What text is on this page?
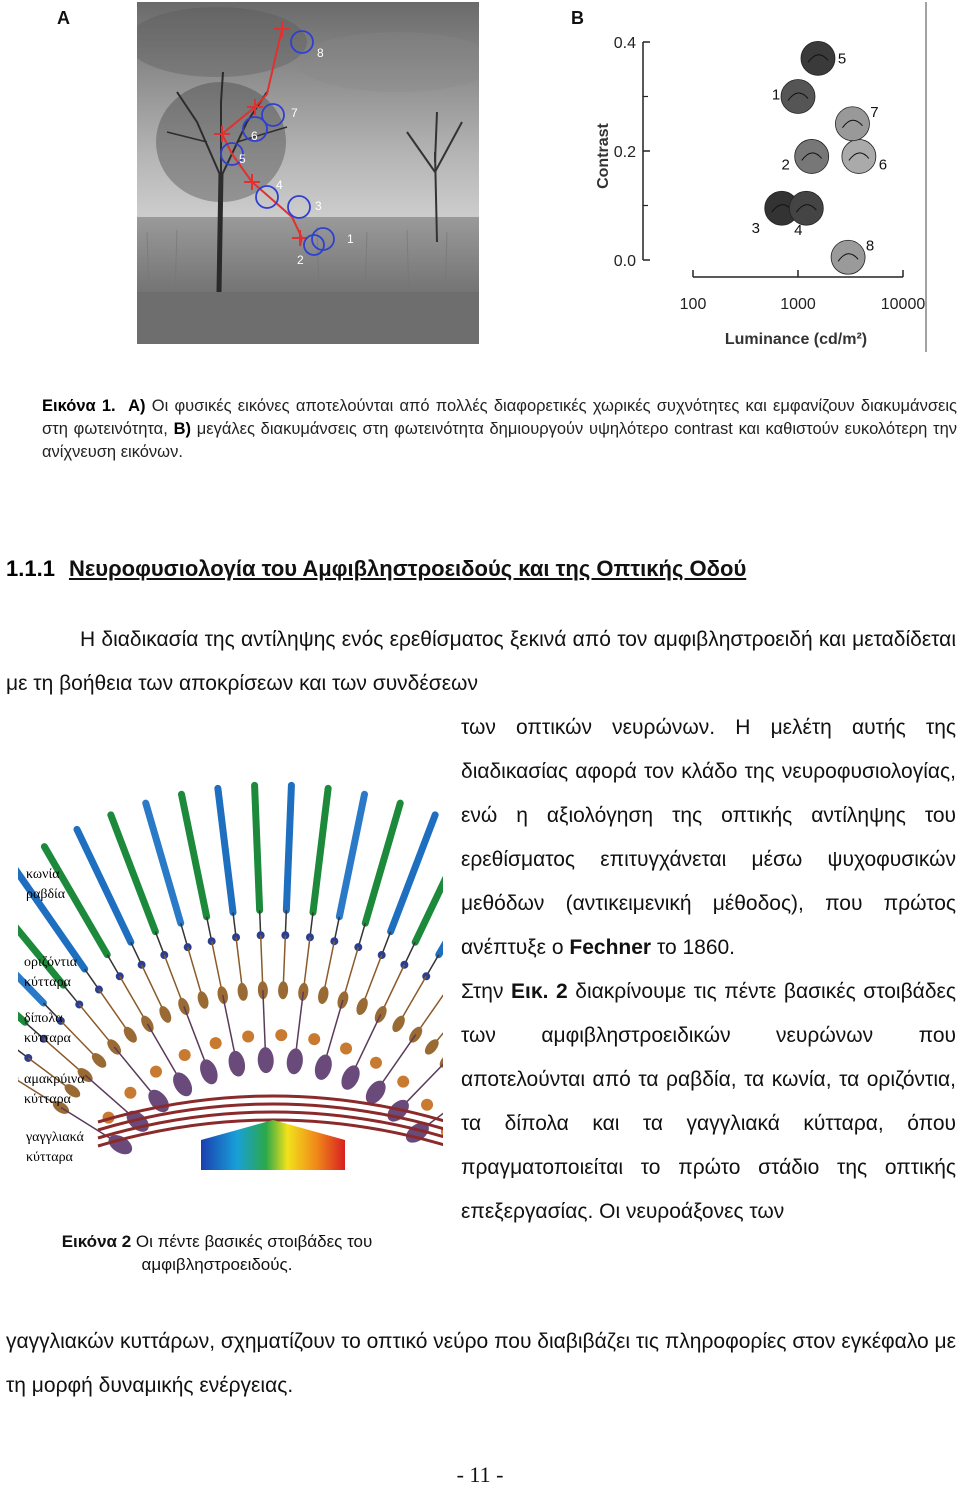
A	B
1
2
3
4
5
6
7
8
0.0
0.2
0.4
100	1000	10000
Luminance (cd/m²)
Contrast
1
2
3 4
5
6
7
8
Εικόνα 1. Α) Οι φυσικές εικόνες αποτελούνται από πολλές διαφορετικές χωρικές συχνότητες και εμφανίζουν διακυμάνσεις στη φωτεινότητα, Β) μεγάλες διακυμάνσεις στη φωτεινότητα δημιουργούν υψηλότερο contrast και καθιστούν ευκολότερη την ανίχνευση εικόνων.
1.1.1 Νευροφυσιολογία του Αμφιβληστροειδούς και της Οπτικής Οδού
Η διαδικασία της αντίληψης ενός ερεθίσματος ξεκινά από τον αμφιβληστροειδή και μεταδίδεται με τη βοήθεια των αποκρίσεων και των συνδέσεων
των οπτικών νευρώνων. Η μελέτη αυτής της διαδικασίας αφορά τον κλάδο της νευροφυσιολογίας, ενώ η αξιολόγηση της οπτικής αντίληψης του ερεθίσματος επιτυγχάνεται μέσω ψυχοφυσικών μεθόδων (αντικειμενική μέθοδος), που πρώτος ανέπτυξε ο Fechner το 1860.
Στην Εικ. 2 διακρίνουμε τις πέντε βασικές στοιβάδες των αμφιβληστροειδικών νευρώνων που αποτελούνται από τα ραβδία, τα κωνία, τα οριζόντια, τα δίπολα και τα γαγγλιακά κύτταρα, όπου πραγματοποιείται το πρώτο στάδιο της οπτικής επεξεργασίας. Οι νευροάξονες των
γαγγλιακών κυττάρων, σχηματίζουν το οπτικό νεύρο που διαβιβάζει τις πληροφορίες στον εγκέφαλο με τη μορφή δυναμικής ενέργειας.
κωνία
ραβδία
οριζόντια
κύτταρα
δίπολα
κύτταρα
αμακρύινα
κύτταρα
γαγγλιακά
κύτταρα
Εικόνα 2 Οι πέντε βασικές στοιβάδες του αμφιβληστροειδούς.
- 11 -
